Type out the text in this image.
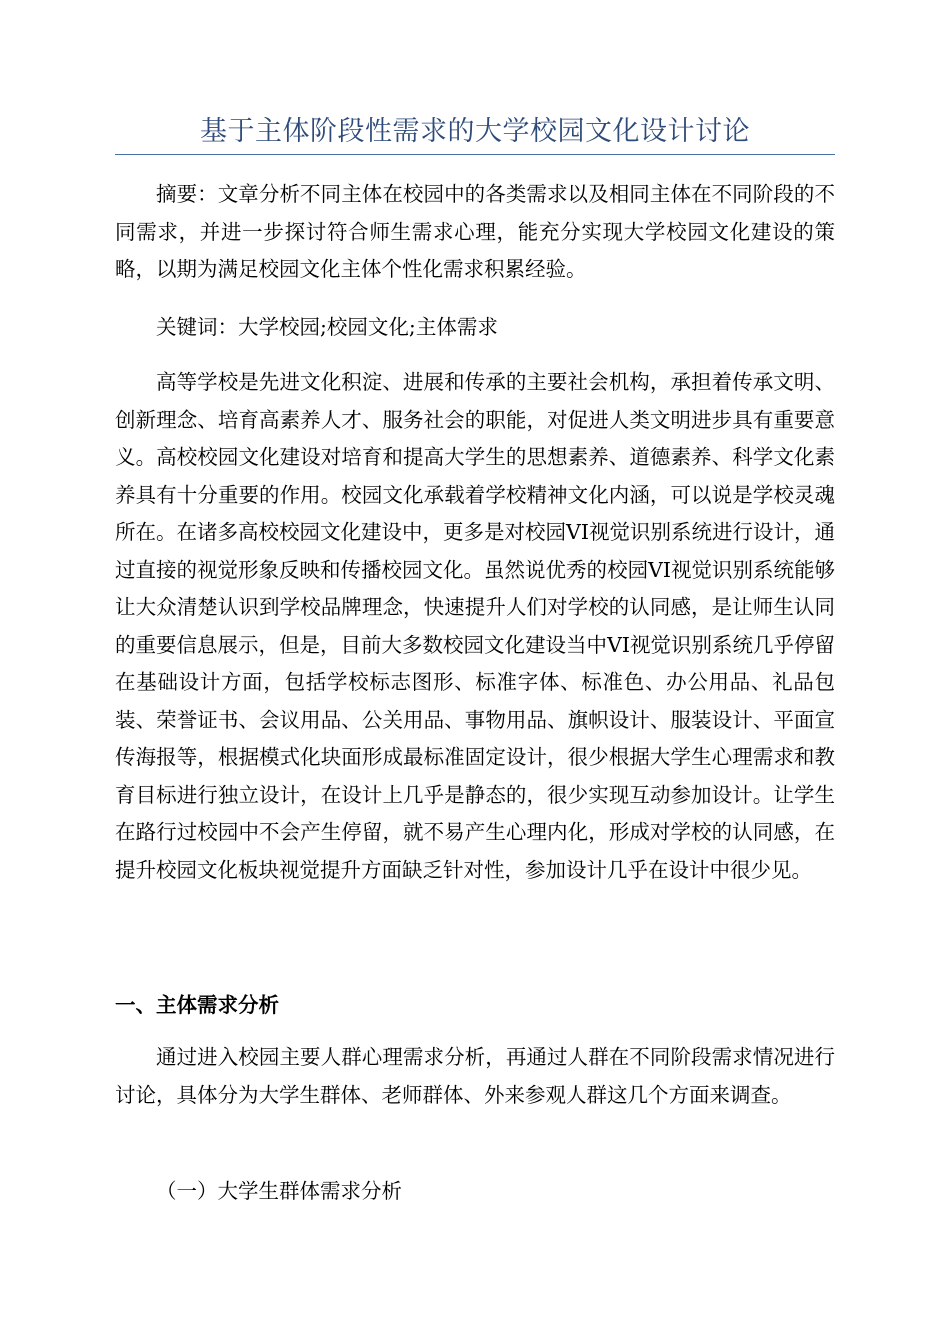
基于主体阶段性需求的大学校园文化设计讨论

摘要：文章分析不同主体在校园中的各类需求以及相同主体在不同阶段的不同需求，并进一步探讨符合师生需求心理，能充分实现大学校园文化建设的策略，以期为满足校园文化主体个性化需求积累经验。

关键词：大学校园;校园文化;主体需求

高等学校是先进文化积淀、进展和传承的主要社会机构，承担着传承文明、创新理念、培育高素养人才、服务社会的职能，对促进人类文明进步具有重要意义。高校校园文化建设对培育和提高大学生的思想素养、道德素养、科学文化素养具有十分重要的作用。校园文化承载着学校精神文化内涵，可以说是学校灵魂所在。在诸多高校校园文化建设中，更多是对校园VI视觉识别系统进行设计，通过直接的视觉形象反映和传播校园文化。虽然说优秀的校园VI视觉识别系统能够让大众清楚认识到学校品牌理念，快速提升人们对学校的认同感，是让师生认同的重要信息展示，但是，目前大多数校园文化建设当中VI视觉识别系统几乎停留在基础设计方面，包括学校标志图形、标准字体、标准色、办公用品、礼品包装、荣誉证书、会议用品、公关用品、事物用品、旗帜设计、服装设计、平面宣传海报等，根据模式化块面形成最标准固定设计，很少根据大学生心理需求和教育目标进行独立设计，在设计上几乎是静态的，很少实现互动参加设计。让学生在路行过校园中不会产生停留，就不易产生心理内化，形成对学校的认同感，在提升校园文化板块视觉提升方面缺乏针对性，参加设计几乎在设计中很少见。

一、主体需求分析

通过进入校园主要人群心理需求分析，再通过人群在不同阶段需求情况进行讨论，具体分为大学生群体、老师群体、外来参观人群这几个方面来调查。

（一）大学生群体需求分析
